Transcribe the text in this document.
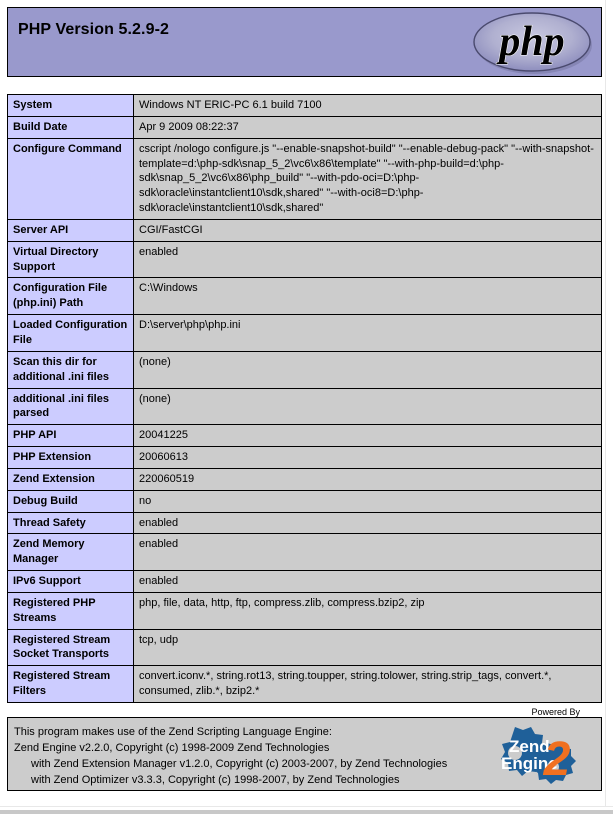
PHP Version 5.2.9-2	php
System	Windows NT ERIC-PC 6.1 build 7100
Build Date	Apr 9 2009 08:22:37
Configure Command	cscript /nologo configure.js "--enable-snapshot-build" "--enable-debug-pack" "--with-snapshot-template=d:\php-sdk\snap_5_2\vc6\x86\template" "--with-php-build=d:\php-sdk\snap_5_2\vc6\x86\php_build" "--with-pdo-oci=D:\php-sdk\oracle\instantclient10\sdk,shared" "--with-oci8=D:\php-sdk\oracle\instantclient10\sdk,shared"
Server API	CGI/FastCGI
Virtual Directory Support	enabled
Configuration File (php.ini) Path	C:\Windows
Loaded Configuration File	D:\server\php\php.ini
Scan this dir for additional .ini files	(none)
additional .ini files parsed	(none)
PHP API	20041225
PHP Extension	20060613
Zend Extension	220060519
Debug Build	no
Thread Safety	enabled
Zend Memory Manager	enabled
IPv6 Support	enabled
Registered PHP Streams	php, file, data, http, ftp, compress.zlib, compress.bzip2, zip
Registered Stream Socket Transports	tcp, udp
Registered Stream Filters	convert.iconv.*, string.rot13, string.toupper, string.tolower, string.strip_tags, convert.*, consumed, zlib.*, bzip2.*
This program makes use of the Zend Scripting Language Engine:
Zend Engine v2.2.0, Copyright (c) 1998-2009 Zend Technologies
with Zend Extension Manager v1.2.0, Copyright (c) 2003-2007, by Zend Technologies
with Zend Optimizer v3.3.3, Copyright (c) 1998-2007, by Zend Technologies
Zend
Engine
2
Powered By
